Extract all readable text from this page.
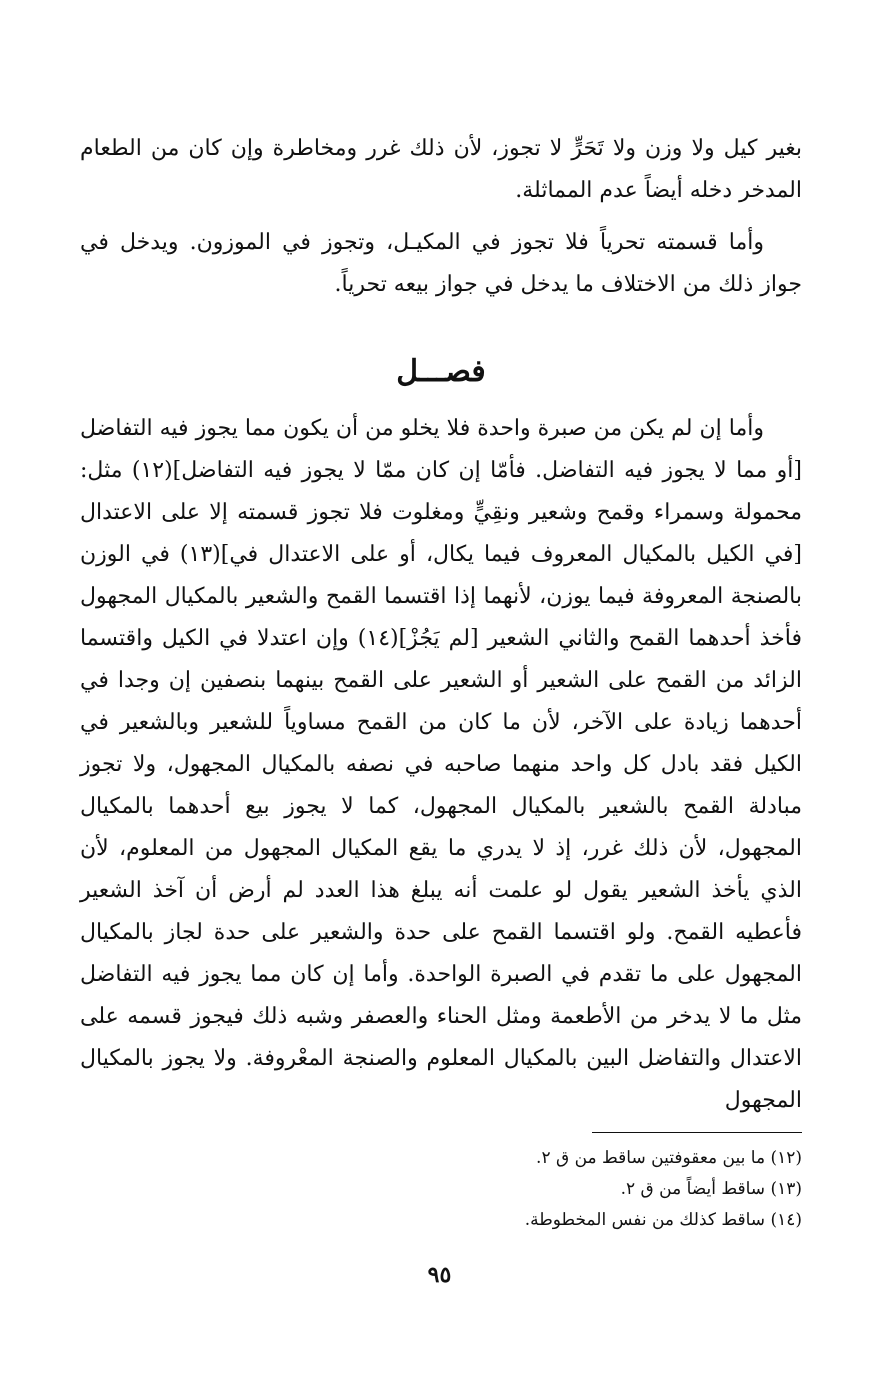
بغير كيل ولا وزن ولا تَحَرٍّ لا تجوز، لأن ذلك غرر ومخاطرة وإن كان من الطعام المدخر دخله أيضاً عدم المماثلة.

وأما قسمته تحرياً فلا تجوز في المكيـل، وتجوز في الموزون. ويدخل في جواز ذلك من الاختلاف ما يدخل في جواز بيعه تحرياً.

فصـــل

وأما إن لم يكن من صبرة واحدة فلا يخلو من أن يكون مما يجوز فيه التفاضل [أو مما لا يجوز فيه التفاضل. فأمّا إن كان ممّا لا يجوز فيه التفاضل](١٢) مثل: محمولة وسمراء وقمح وشعير ونقِيٍّ ومغلوت فلا تجوز قسمته إلا على الاعتدال [في الكيل بالمكيال المعروف فيما يكال، أو على الاعتدال في](١٣) في الوزن بالصنجة المعروفة فيما يوزن، لأنهما إذا اقتسما القمح والشعير بالمكيال المجهول فأخذ أحدهما القمح والثاني الشعير [لم يَجُزْ](١٤) وإن اعتدلا في الكيل واقتسما الزائد من القمح على الشعير أو الشعير على القمح بينهما بنصفين إن وجدا في أحدهما زيادة على الآخر، لأن ما كان من القمح مساوياً للشعير وبالشعير في الكيل فقد بادل كل واحد منهما صاحبه في نصفه بالمكيال المجهول، ولا تجوز مبادلة القمح بالشعير بالمكيال المجهول، كما لا يجوز بيع أحدهما بالمكيال المجهول، لأن ذلك غرر، إذ لا يدري ما يقع المكيال المجهول من المعلوم، لأن الذي يأخذ الشعير يقول لو علمت أنه يبلغ هذا العدد لم أرض أن آخذ الشعير فأعطيه القمح. ولو اقتسما القمح على حدة والشعير على حدة لجاز بالمكيال المجهول على ما تقدم في الصبرة الواحدة. وأما إن كان مما يجوز فيه التفاضل مثل ما لا يدخر من الأطعمة ومثل الحناء والعصفر وشبه ذلك فيجوز قسمه على الاعتدال والتفاضل البين بالمكيال المعلوم والصنجة المعْروفة. ولا يجوز بالمكيال المجهول

(١٢) ما بين معقوفتين ساقط من ق ٢.

(١٣) ساقط أيضاً من ق ٢.

(١٤) ساقط كذلك من نفس المخطوطة.

٩٥
